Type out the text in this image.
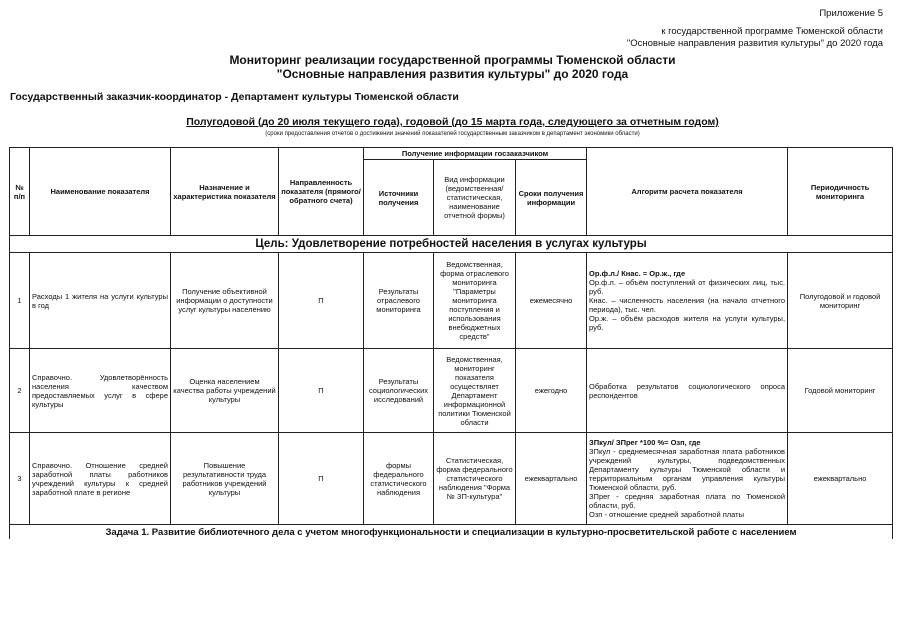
Приложение 5
к государственной программе Тюменской области
"Основные направления развития культуры" до 2020 года
Мониторинг реализации государственной программы Тюменской области
"Основные направления развития культуры" до 2020 года
Государственный заказчик-координатор - Департамент культуры Тюменской области
Полугодовой (до 20 июля текущего года), годовой (до 15 марта года, следующего за отчетным годом)
(сроки предоставления отчетов о достижении значений показателей государственным заказчиком в департамент экономики области)
№ п/п	Наименование показателя	Назначение и характеристика показателя	Направленность показателя (прямого/ обратного счета)	Получение информации госзаказчиком			Алгоритм расчета показателя	Периодичность мониторинга
				Источники получения	Вид информации (ведомственная/ статистическая, наименование отчетной формы)	Сроки получения информации		
Цель: Удовлетворение потребностей населения в услугах культуры								
1	Расходы 1 жителя на услуги культуры в год	Получение объективной информации о доступности услуг культуры населению	П	Результаты отраслевого мониторинга	Ведомственная, форма отраслевого мониторинга "Параметры мониторинга поступления и использования внебюджетных средств"	ежемесячно	Ор.ф.л./ Кнас. = Ор.ж., где

Ор.ф.л. – объём поступлений от физических лиц, тыс. руб.

Кнас. – численность населения (на начало отчетного периода), тыс. чел.

Ор.ж. – объём расходов жителя на услуги культуры, руб.	Полугодовой и годовой мониторинг
2	Справочно. Удовлетворённость населения качеством предоставляемых услуг в сфере культуры	Оценка населением качества работы учреждений культуры	П	Результаты социологических исследований	Ведомственная, мониторинг показателя осуществляет Департамент информационной политики Тюменской области	ежегодно	Обработка результатов социологического опроса респондентов	Годовой мониторинг
3	Справочно. Отношение средней заработной платы работников учреждений культуры к средней заработной плате в регионе	Повышение результативности труда работников учреждений культуры	П	формы федерального статистического наблюдения	Статистическая, форма федерального статистического наблюдения "Форма № ЗП-культура"	ежеквартально	ЗПкул/ ЗПрег *100 %= Озп, где

ЗПкул - среднемесячная заработная плата работников учреждений культуры, подведомственных Департаменту культуры Тюменской области и территориальным органам управления культуры Тюменской области, руб.

ЗПрег - средняя заработная плата по Тюменской области, руб.

Озп - отношение средней заработной платы	ежеквартально
Задача 1. Развитие библиотечного дела с учетом многофункциональности и специализации в культурно-просветительской работе с населением								
